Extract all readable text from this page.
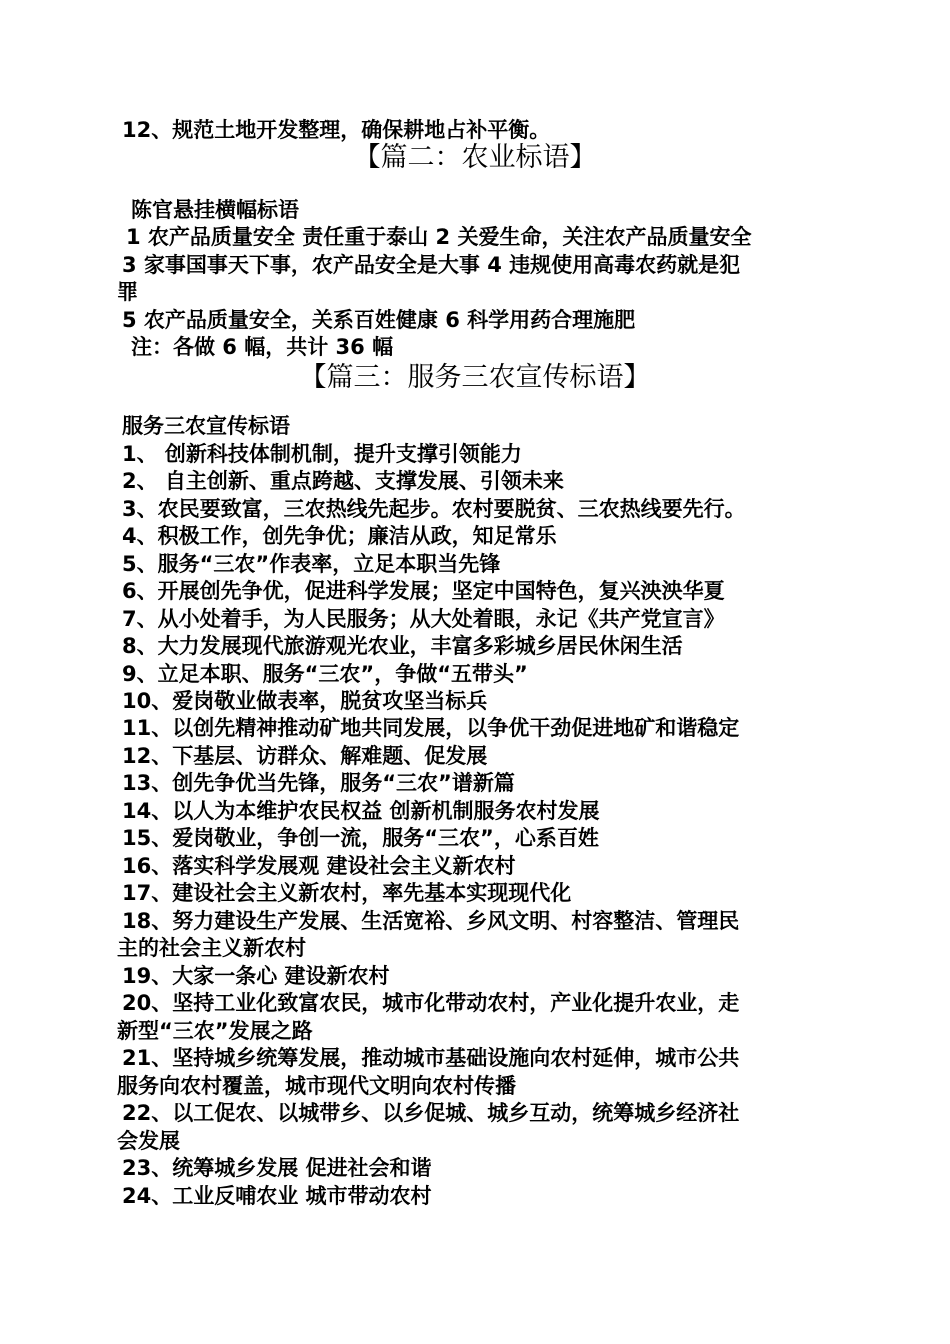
12、规范土地开发整理，确保耕地占补平衡。
【篇二：农业标语】
陈官悬挂横幅标语
1 农产品质量安全 责任重于泰山 2 关爱生命，关注农产品质量安全
3 家事国事天下事，农产品安全是大事 4 违规使用高毒农药就是犯
罪
5 农产品质量安全，关系百姓健康 6 科学用药合理施肥
注：各做 6 幅，共计 36 幅
【篇三：服务三农宣传标语】
服务三农宣传标语
1、 创新科技体制机制，提升支撑引领能力
2、 自主创新、重点跨越、支撑发展、引领未来
3、农民要致富，三农热线先起步。农村要脱贫、三农热线要先行。
4、积极工作，创先争优；廉洁从政，知足常乐
5、服务“三农”作表率，立足本职当先锋
6、开展创先争优，促进科学发展；坚定中国特色，复兴泱泱华夏
7、从小处着手，为人民服务；从大处着眼，永记《共产党宣言》
8、大力发展现代旅游观光农业，丰富多彩城乡居民休闲生活
9、立足本职、服务“三农”，争做“五带头”
10、爱岗敬业做表率，脱贫攻坚当标兵
11、以创先精神推动矿地共同发展，以争优干劲促进地矿和谐稳定
12、下基层、访群众、解难题、促发展
13、创先争优当先锋，服务“三农”谱新篇
14、以人为本维护农民权益 创新机制服务农村发展
15、爱岗敬业，争创一流，服务“三农”，心系百姓
16、落实科学发展观 建设社会主义新农村
17、建设社会主义新农村，率先基本实现现代化
18、努力建设生产发展、生活宽裕、乡风文明、村容整洁、管理民
主的社会主义新农村
19、大家一条心 建设新农村
20、坚持工业化致富农民，城市化带动农村，产业化提升农业，走
新型“三农”发展之路
21、坚持城乡统筹发展，推动城市基础设施向农村延伸，城市公共
服务向农村覆盖，城市现代文明向农村传播
22、以工促农、以城带乡、以乡促城、城乡互动，统筹城乡经济社
会发展
23、统筹城乡发展 促进社会和谐
24、工业反哺农业 城市带动农村
